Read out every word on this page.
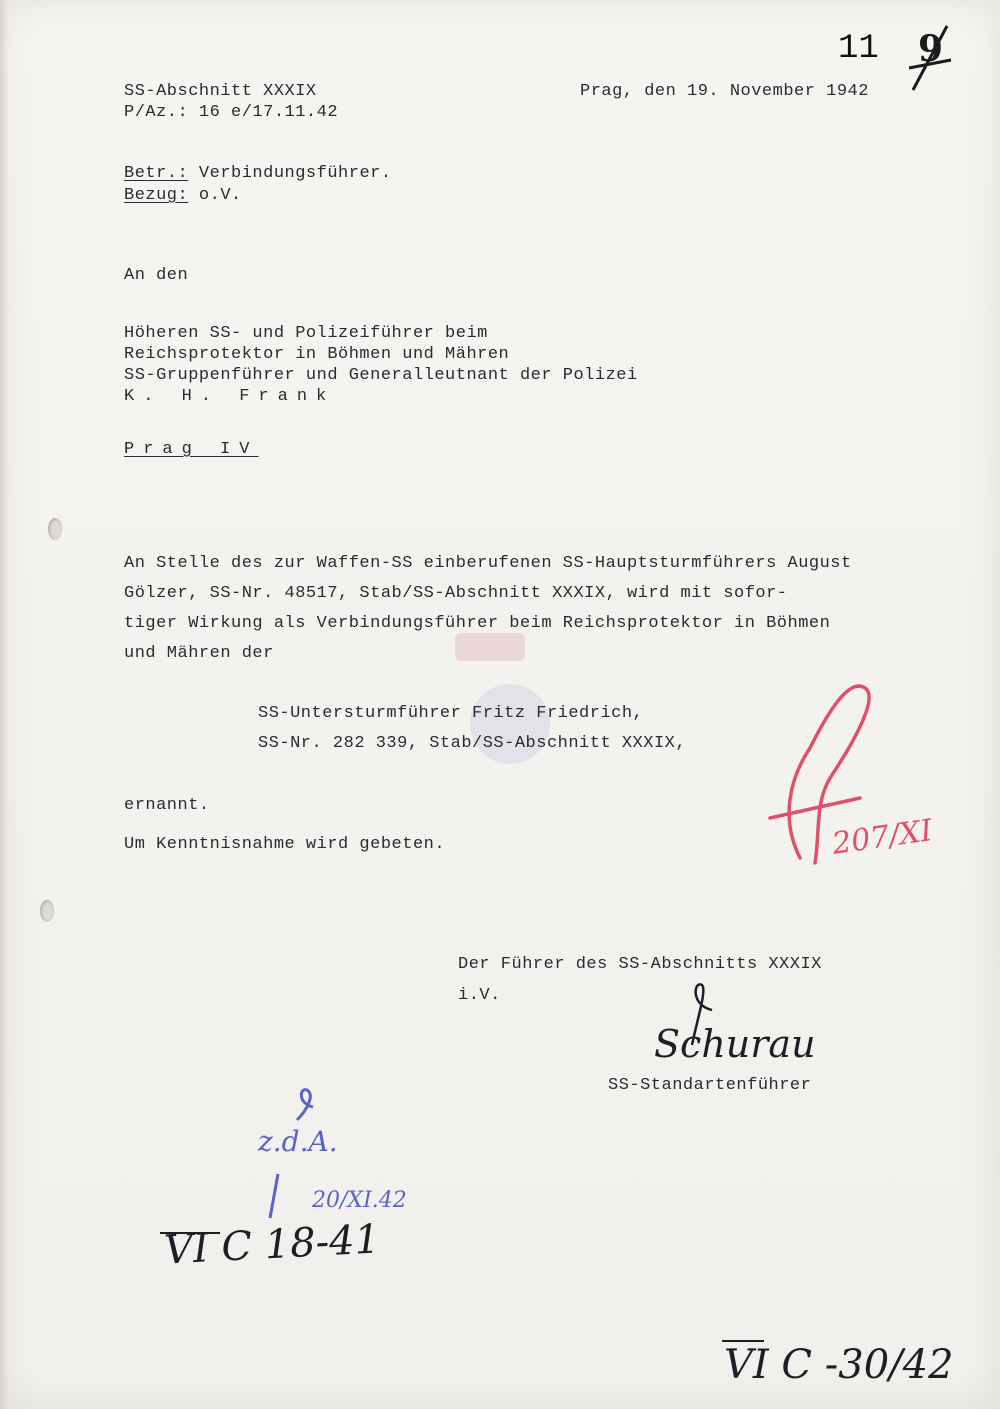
11 9
SS-Abschnitt XXXIX
P/Az.: 16 e/17.11.42
Prag, den 19. November 1942
Betr.: Verbindungsführer.
Bezug: o.V.
An den
Höheren SS- und Polizeiführer beim
Reichsprotektor in Böhmen und Mähren
SS-Gruppenführer und Generalleutnant der Polizei
K. H. Frank
Prag IV
An Stelle des zur Waffen-SS einberufenen SS-Hauptsturmführers August
Gölzer, SS-Nr. 48517, Stab/SS-Abschnitt XXXIX, wird mit sofor-
tiger Wirkung als Verbindungsführer beim Reichsprotektor in Böhmen
und Mähren der
SS-Untersturmführer Fritz Friedrich,
SS-Nr. 282 339, Stab/SS-Abschnitt XXXIX,
ernannt.
Um Kenntnisnahme wird gebeten.	207/XI
Der Führer des SS-Abschnitts XXXIX
i.V.
Schurau
SS-Standartenführer
z.d.A.
20/XI.42
VI C 18-41
VI C -30/42
